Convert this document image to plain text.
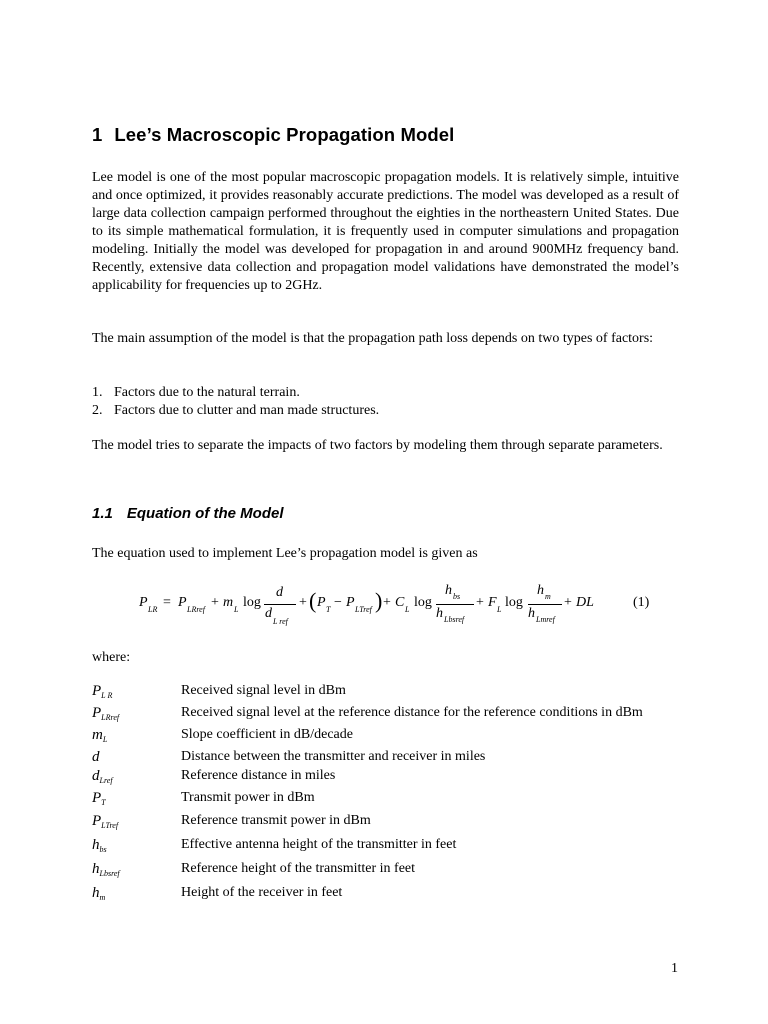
1 Lee’s Macroscopic Propagation Model

Lee model is one of the most popular macroscopic propagation models. It is relatively simple, intuitive and once optimized, it provides reasonably accurate predictions. The model was developed as a result of large data collection campaign performed throughout the eighties in the northeastern United States. Due to its simple mathematical formulation, it is frequently used in computer simulations and propagation modeling. Initially the model was developed for propagation in and around 900MHz frequency band. Recently, extensive data collection and propagation model validations have demonstrated the model’s applicability for frequencies up to 2GHz.

The main assumption of the model is that the propagation path loss depends on two types of factors:

1. Factors due to the natural terrain.
2. Factors due to clutter and man made structures.

The model tries to separate the impacts of two factors by modeling them through separate parameters.

1.1 Equation of the Model

The equation used to implement Lee’s propagation model is given as

P LR = P LRref + m L log
d
d
L ref
+ ( P T − P LTref ) + C L log
h bs
h Lbsref
+ F L log
h m
h Lmref
+ DL	(1)
where:
$P_{L R}$	Received signal level in dBm
$P_{LRref}$	Received signal level at the reference distance for the reference conditions in dBm
$m_L$	Slope coefficient in dB/decade
d	Distance between the transmitter and receiver in miles
$d_{Lref}$	Reference distance in miles
$P_T$	Transmit power in dBm
$P_{LTref}$	Reference transmit power in dBm
$h_{bs}$	Effective antenna height of the transmitter in feet
$h_{Lbsref}$	Reference height of the transmitter in feet
$h_m$	Height of the receiver in feet
1
